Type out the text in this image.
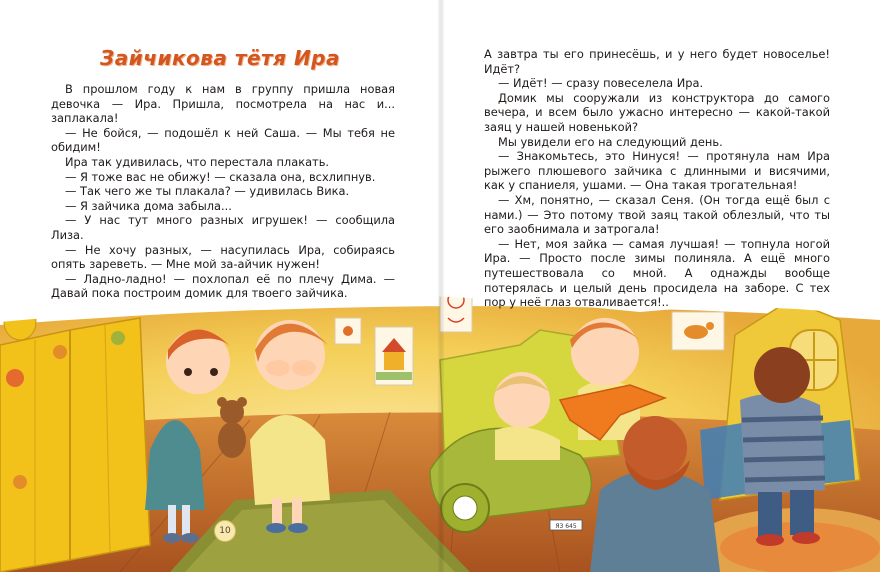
ЯЗ 645
Зайчикова тётя Ира

В прошлом году к нам в группу пришла новая девочка — Ира. Пришла, посмотрела на нас и... заплакала!

— Не бойся, — подошёл к ней Саша. — Мы тебя не обидим!

Ира так удивилась, что перестала плакать.

— Я тоже вас не обижу! — сказала она, всхлипнув.

— Так чего же ты плакала? — удивилась Вика.

— Я зайчика дома забыла...

— У нас тут много разных игрушек! — сообщила Лиза.

— Не хочу разных, — насупилась Ира, собираясь опять зареветь. — Мне мой за-айчик нужен!

— Ладно-ладно! — похлопал её по плечу Дима. — Давай пока построим домик для твоего зайчика.

А завтра ты его принесёшь, и у него будет новоселье! Идёт?

— Идёт! — сразу повеселела Ира.

Домик мы сооружали из конструктора до самого вечера, и всем было ужасно интересно — какой-такой заяц у нашей новенькой?

Мы увидели его на следующий день.

— Знакомьтесь, это Нинуся! — протянула нам Ира рыжего плюшевого зайчика с длинными и висячими, как у спаниеля, ушами. — Она такая трогательная!

— Хм, понятно, — сказал Сеня. (Он тогда ещё был с нами.) — Это потому твой заяц такой облезлый, что ты его заобнимала и затрогала!

— Нет, моя зайка — самая лучшая! — топнула ногой Ира. — Просто после зимы полиняла. А ещё много путешествовала со мной. А однажды вообще потерялась и целый день просидела на заборе. С тех пор у неё глаз отваливается!..

10
